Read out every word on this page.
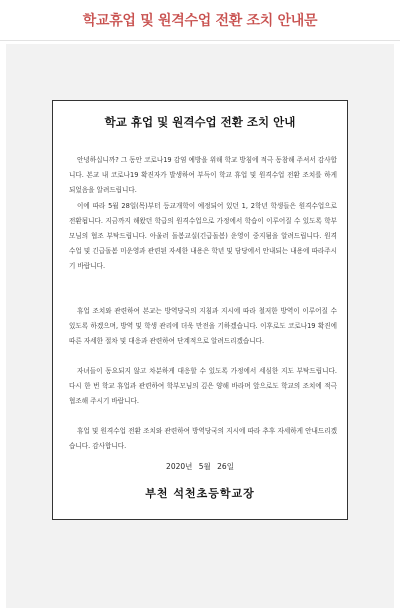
학교휴업 및 원격수업 전환 조치 안내문
학교 휴업 및 원격수업 전환 조치 안내

안녕하십니까? 그 동안 코로나19 감염 예방을 위해 학교 방침에 적극 동참해 주셔서 감사합니다. 본교 내 코로나19 확진자가 발생하여 부득이 학교 휴업 및 원격수업 전환 조치를 하게 되었음을 알려드립니다.

이에 따라 5월 28일(목)부터 등교개학이 예정되어 있던 1, 2학년 학생들은 원격수업으로 전환됩니다. 지금까지 해왔던 학급의 원격수업으로 가정에서 학습이 이루어질 수 있도록 학부모님의 협조 부탁드립니다. 아울러 돌봄교실(긴급돌봄) 운영이 중지됨을 알려드립니다. 원격수업 및 긴급돌봄 미운영과 관련된 자세한 내용은 학년 및 담당에서 안내되는 내용에 따라주시기 바랍니다.

휴업 조치와 관련하여 본교는 방역당국의 지침과 지시에 따라 철저한 방역이 이루어질 수 있도록 하겠으며, 방역 및 학생 관리에 더욱 만전을 기하겠습니다. 이후로도 코로나19 확진에 따른 자세한 절차 및 대응과 관련하여 단계적으로 알려드리겠습니다.

자녀들이 동요되지 않고 차분하게 대응할 수 있도록 가정에서 세심한 지도 부탁드립니다. 다시 한 번 학교 휴업과 관련하여 학부모님의 깊은 양해 바라며 앞으로도 학교의 조치에 적극 협조해 주시기 바랍니다.

휴업 및 원격수업 전환 조치와 관련하여 방역당국의 지시에 따라 추후 자세하게 안내드리겠습니다. 감사합니다.

2020년 5월 26일
부천 석천초등학교장
